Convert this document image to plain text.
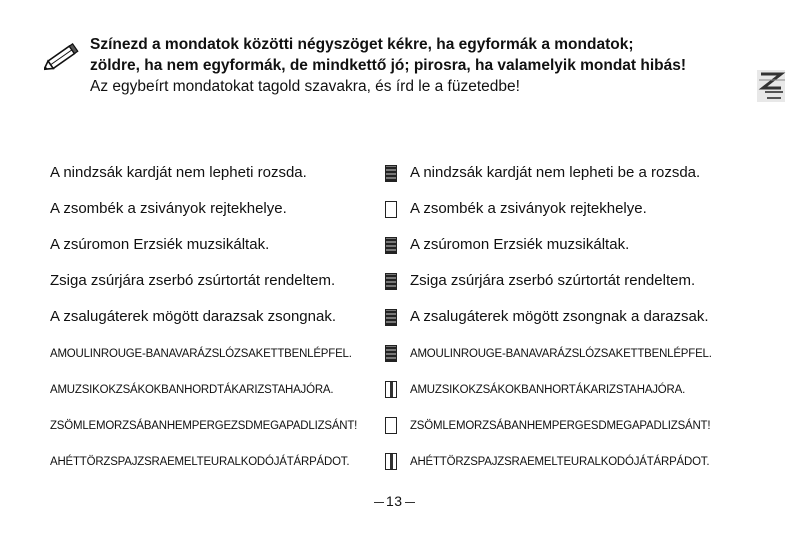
Színezd a mondatok közötti négyszöget kékre, ha egyformák a mondatok;
zöldre, ha nem egyformák, de mindkettő jó; pirosra, ha valamelyik mondat hibás!
Az egybeírt mondatokat tagold szavakra, és írd le a füzetedbe!
A nindzsák kardját nem lepheti rozsda.
A zsombék a zsiványok rejtekhelye.
A zsúromon Erzsiék muzsikáltak.
Zsiga zsúrjára zserbó zsúrtortát rendeltem.
A zsalugáterek mögött darazsak zsongnak.
AMOULINROUGE-BANAVARÁZSLÓZSAKETTBENLÉPFEL.
AMUZSIKOKZSÁKOKBANHORDTÁKARIZSTAHAJÓRA.
ZSÖMLEMORZSÁBANHEMPERGEZSDMEGAPADLIZSÁNT!
AHÉTTÖRZSPAJZSRAEMELTEURALKODÓJÁTÁRPÁDOT.
A nindzsák kardját nem lepheti be a rozsda.
A zsombék a zsiványok rejtekhelye.
A zsúromon Erzsiék muzsikáltak.
Zsiga zsúrjára zserbó szúrtortát rendeltem.
A zsalugáterek mögött zsongnak a darazsak.
AMOULINROUGE-BANAVARÁZSLÓZSAKETTBENLÉPFEL.
AMUZSIKOKZSÁKOKBANHORTÁKARIZSTAHAJÓRA.
ZSÖMLEMORZSÁBANHEMPERGESDMEGAPADLIZSÁNT!
AHÉTTÖRZSPAJZSRAEMELTEURALKODÓJÁTÁRPÁDOT.
13
